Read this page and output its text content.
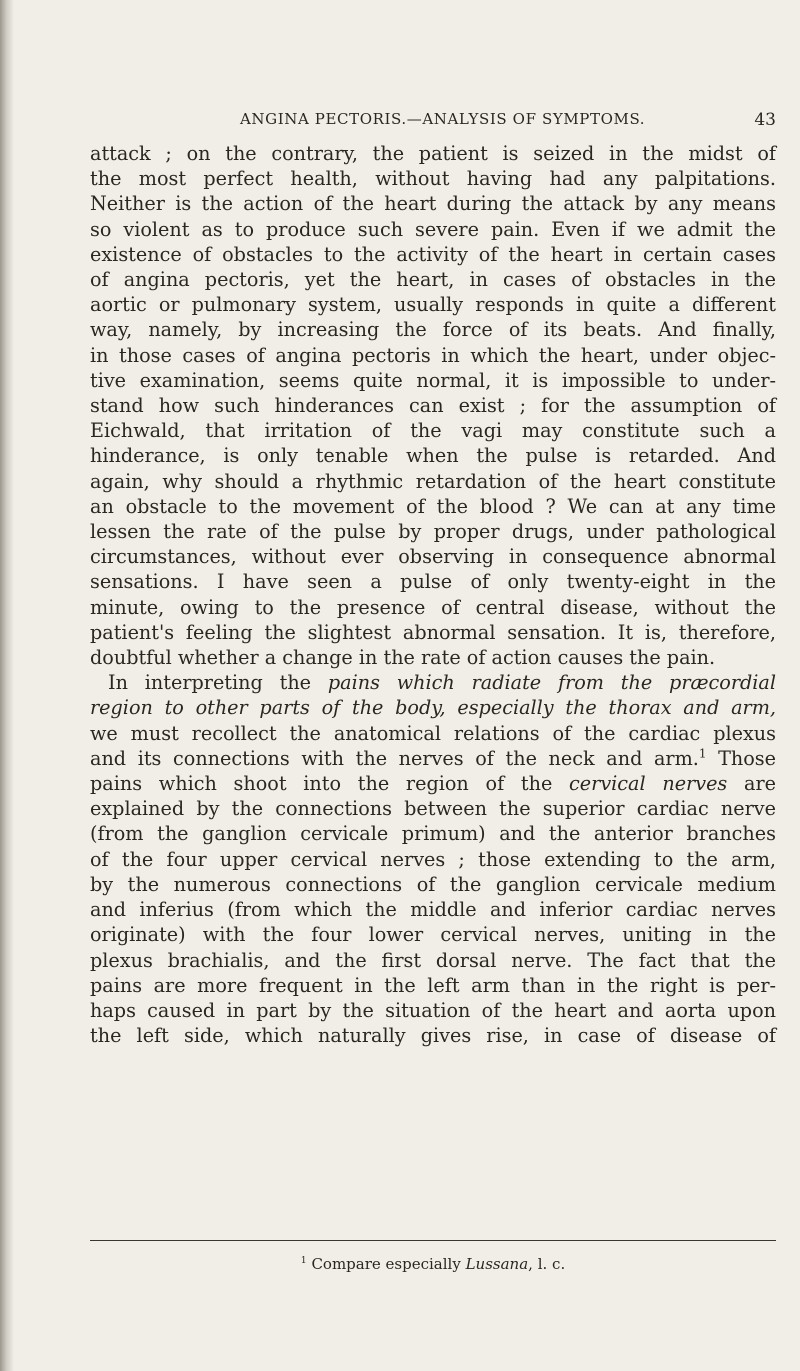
ANGINA PECTORIS.—ANALYSIS OF SYMPTOMS.	43
attack ; on the contrary, the patient is seized in the midst of
the most perfect health, without having had any palpitations.
Neither is the action of the heart during the attack by any means
so violent as to produce such severe pain. Even if we admit the
existence of obstacles to the activity of the heart in certain cases
of angina pectoris, yet the heart, in cases of obstacles in the
aortic or pulmonary system, usually responds in quite a different
way, namely, by increasing the force of its beats. And finally,
in those cases of angina pectoris in which the heart, under objec-
tive examination, seems quite normal, it is impossible to under-
stand how such hinderances can exist ; for the assumption of
Eichwald, that irritation of the vagi may constitute such a
hinderance, is only tenable when the pulse is retarded. And
again, why should a rhythmic retardation of the heart constitute
an obstacle to the movement of the blood ? We can at any time
lessen the rate of the pulse by proper drugs, under pathological
circumstances, without ever observing in consequence abnormal
sensations. I have seen a pulse of only twenty-eight in the
minute, owing to the presence of central disease, without the
patient's feeling the slightest abnormal sensation. It is, therefore,
doubtful whether a change in the rate of action causes the pain.
In interpreting the pains which radiate from the præcordial
region to other parts of the body, especially the thorax and arm,
we must recollect the anatomical relations of the cardiac plexus
and its connections with the nerves of the neck and arm.$^1$ Those
pains which shoot into the region of the cervical nerves are
explained by the connections between the superior cardiac nerve
(from the ganglion cervicale primum) and the anterior branches
of the four upper cervical nerves ; those extending to the arm,
by the numerous connections of the ganglion cervicale medium
and inferius (from which the middle and inferior cardiac nerves
originate) with the four lower cervical nerves, uniting in the
plexus brachialis, and the first dorsal nerve. The fact that the
pains are more frequent in the left arm than in the right is per-
haps caused in part by the situation of the heart and aorta upon
the left side, which naturally gives rise, in case of disease of
$^1$ Compare especially Lussana, l. c.
